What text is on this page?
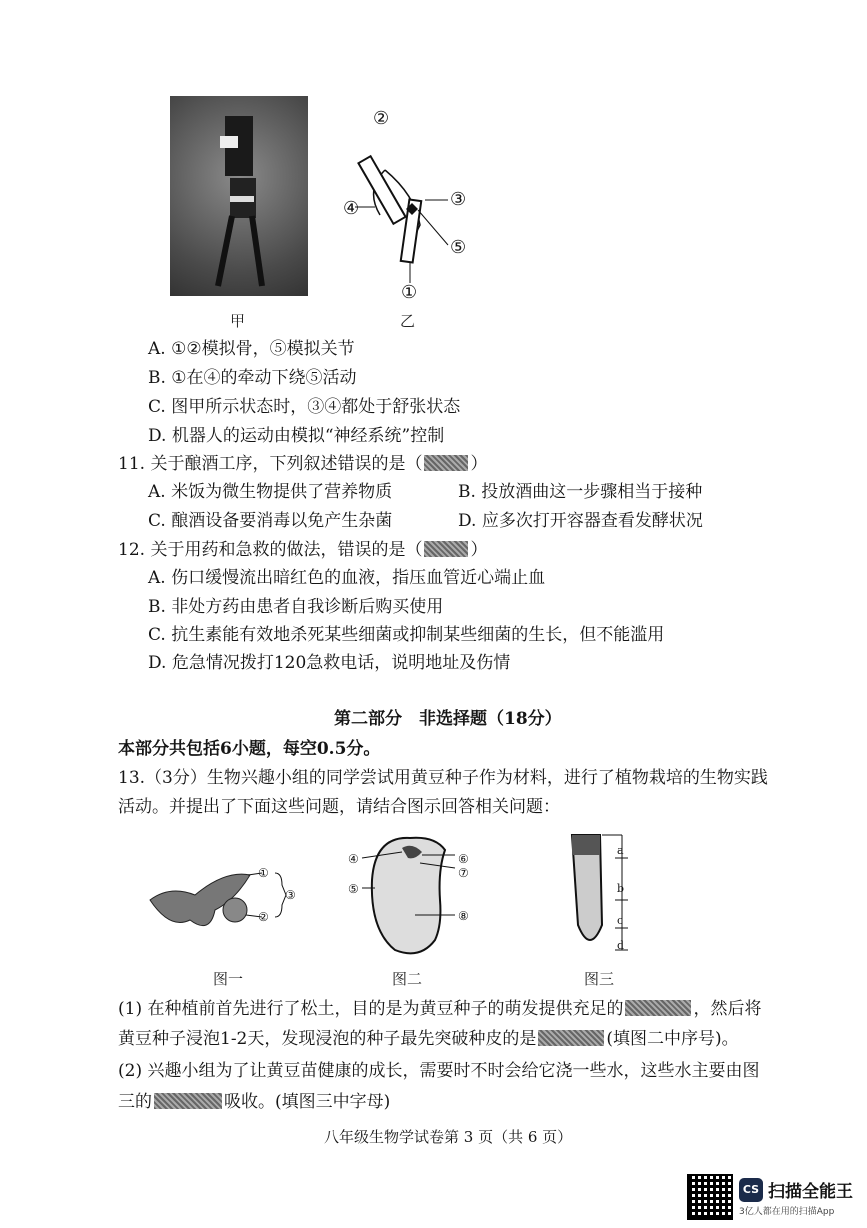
甲
②
④	③
⑤
①
乙
A. ①②模拟骨，⑤模拟关节
B. ①在④的牵动下绕⑤活动
C. 图甲所示状态时，③④都处于舒张状态
D. 机器人的运动由模拟“神经系统”控制
11. 关于酿酒工序，下列叙述错误的是（	）
A. 米饭为微生物提供了营养物质	B. 投放酒曲这一步骤相当于接种
C. 酿酒设备要消毒以免产生杂菌	D. 应多次打开容器查看发酵状况
12. 关于用药和急救的做法，错误的是（	）
A. 伤口缓慢流出暗红色的血液，指压血管近心端止血
B. 非处方药由患者自我诊断后购买使用
C. 抗生素能有效地杀死某些细菌或抑制某些细菌的生长，但不能滥用
D. 危急情况拨打120急救电话，说明地址及伤情
第二部分　非选择题（18分）
本部分共包括6小题，每空0.5分。
13.（3分）生物兴趣小组的同学尝试用黄豆种子作为材料，进行了植物栽培的生物实践
活动。并提出了下面这些问题，请结合图示回答相关问题：
①
②
③
图一
④	⑥
⑦
⑤
⑧
图二
a
b
c
d
图三
(1) 在种植前首先进行了松土，目的是为黄豆种子的萌发提供充足的	，然后将
黄豆种子浸泡1-2天，发现浸泡的种子最先突破种皮的是	(填图二中序号)。
(2) 兴趣小组为了让黄豆苗健康的成长，需要时不时会给它浇一些水，这些水主要由图
三的	吸收。(填图三中字母)
八年级生物学试卷第 3 页（共 6 页）
CS 扫描全能王
3亿人都在用的扫描App
